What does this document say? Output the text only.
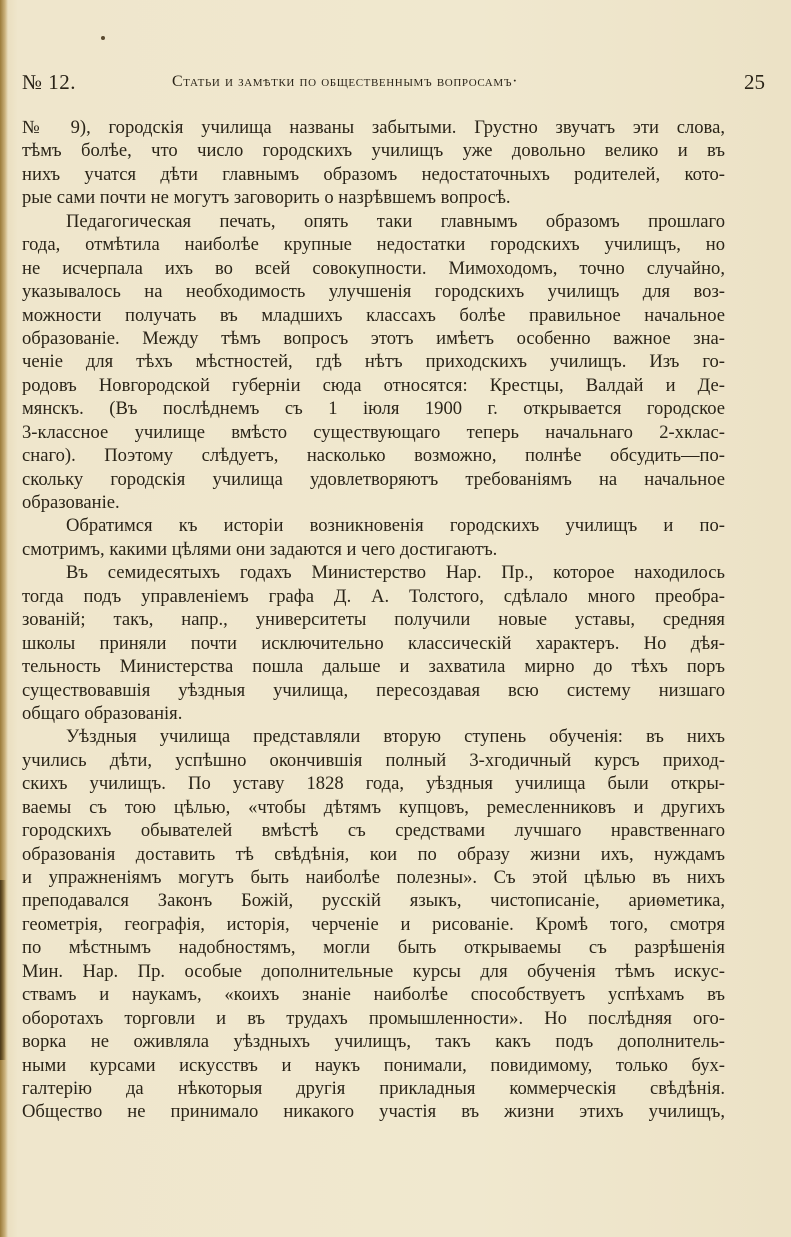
№ 12.	Статьи и замѣтки по общественнымъ вопросамъ·	25
№ 9), городскія училища названы забытыми. Грустно звучатъ эти слова,
тѣмъ болѣе, что число городскихъ училищъ уже довольно велико и въ
нихъ учатся дѣти главнымъ образомъ недостаточныхъ родителей, кото-
рые сами почти не могутъ заговорить о назрѣвшемъ вопросѣ.
Педагогическая печать, опять таки главнымъ образомъ прошлаго
года, отмѣтила наиболѣе крупные недостатки городскихъ училищъ, но
не исчерпала ихъ во всей совокупности. Мимоходомъ, точно случайно,
указывалось на необходимость улучшенія городскихъ училищъ для воз-
можности получать въ младшихъ классахъ болѣе правильное начальное
образованіе. Между тѣмъ вопросъ этотъ имѣетъ особенно важное зна-
ченіе для тѣхъ мѣстностей, гдѣ нѣтъ приходскихъ училищъ. Изъ го-
родовъ Новгородской губерніи сюда относятся: Крестцы, Валдай и Де-
мянскъ. (Въ послѣднемъ съ 1 іюля 1900 г. открывается городское
3-классное училище вмѣсто существующаго теперь начальнаго 2-хклас-
снаго). Поэтому слѣдуетъ, насколько возможно, полнѣе обсудить—по-
скольку городскія училища удовлетворяютъ требованіямъ на начальное
образованіе.
Обратимся къ исторіи возникновенія городскихъ училищъ и по-
смотримъ, какими цѣлями они задаются и чего достигаютъ.
Въ семидесятыхъ годахъ Министерство Нар. Пр., которое находилось
тогда подъ управленіемъ графа Д. А. Толстого, сдѣлало много преобра-
зованій; такъ, напр., университеты получили новые уставы, средняя
школы приняли почти исключительно классическій характеръ. Но дѣя-
тельность Министерства пошла дальше и захватила мирно до тѣхъ поръ
существовавшія уѣздныя училища, пересоздавая всю систему низшаго
общаго образованія.
Уѣздныя училища представляли вторую ступень обученія: въ нихъ
учились дѣти, успѣшно окончившія полный 3-хгодичный курсъ приход-
скихъ училищъ. По уставу 1828 года, уѣздныя училища были откры-
ваемы съ тою цѣлью, «чтобы дѣтямъ купцовъ, ремесленниковъ и другихъ
городскихъ обывателей вмѣстѣ съ средствами лучшаго нравственнаго
образованія доставить тѣ свѣдѣнія, кои по образу жизни ихъ, нуждамъ
и упражненіямъ могутъ быть наиболѣе полезны». Съ этой цѣлью въ нихъ
преподавался Законъ Божій, русскій языкъ, чистописаніе, ариѳметика,
геометрія, географія, исторія, черченіе и рисованіе. Кромѣ того, смотря
по мѣстнымъ надобностямъ, могли быть открываемы съ разрѣшенія
Мин. Нар. Пр. особые дополнительные курсы для обученія тѣмъ искус-
ствамъ и наукамъ, «коихъ знаніе наиболѣе способствуетъ успѣхамъ въ
оборотахъ торговли и въ трудахъ промышленности». Но послѣдняя ого-
ворка не оживляла уѣздныхъ училищъ, такъ какъ подъ дополнитель-
ными курсами искусствъ и наукъ понимали, повидимому, только бух-
галтерію да нѣкоторыя другія прикладныя коммерческія свѣдѣнія.
Общество не принимало никакого участія въ жизни этихъ училищъ,
